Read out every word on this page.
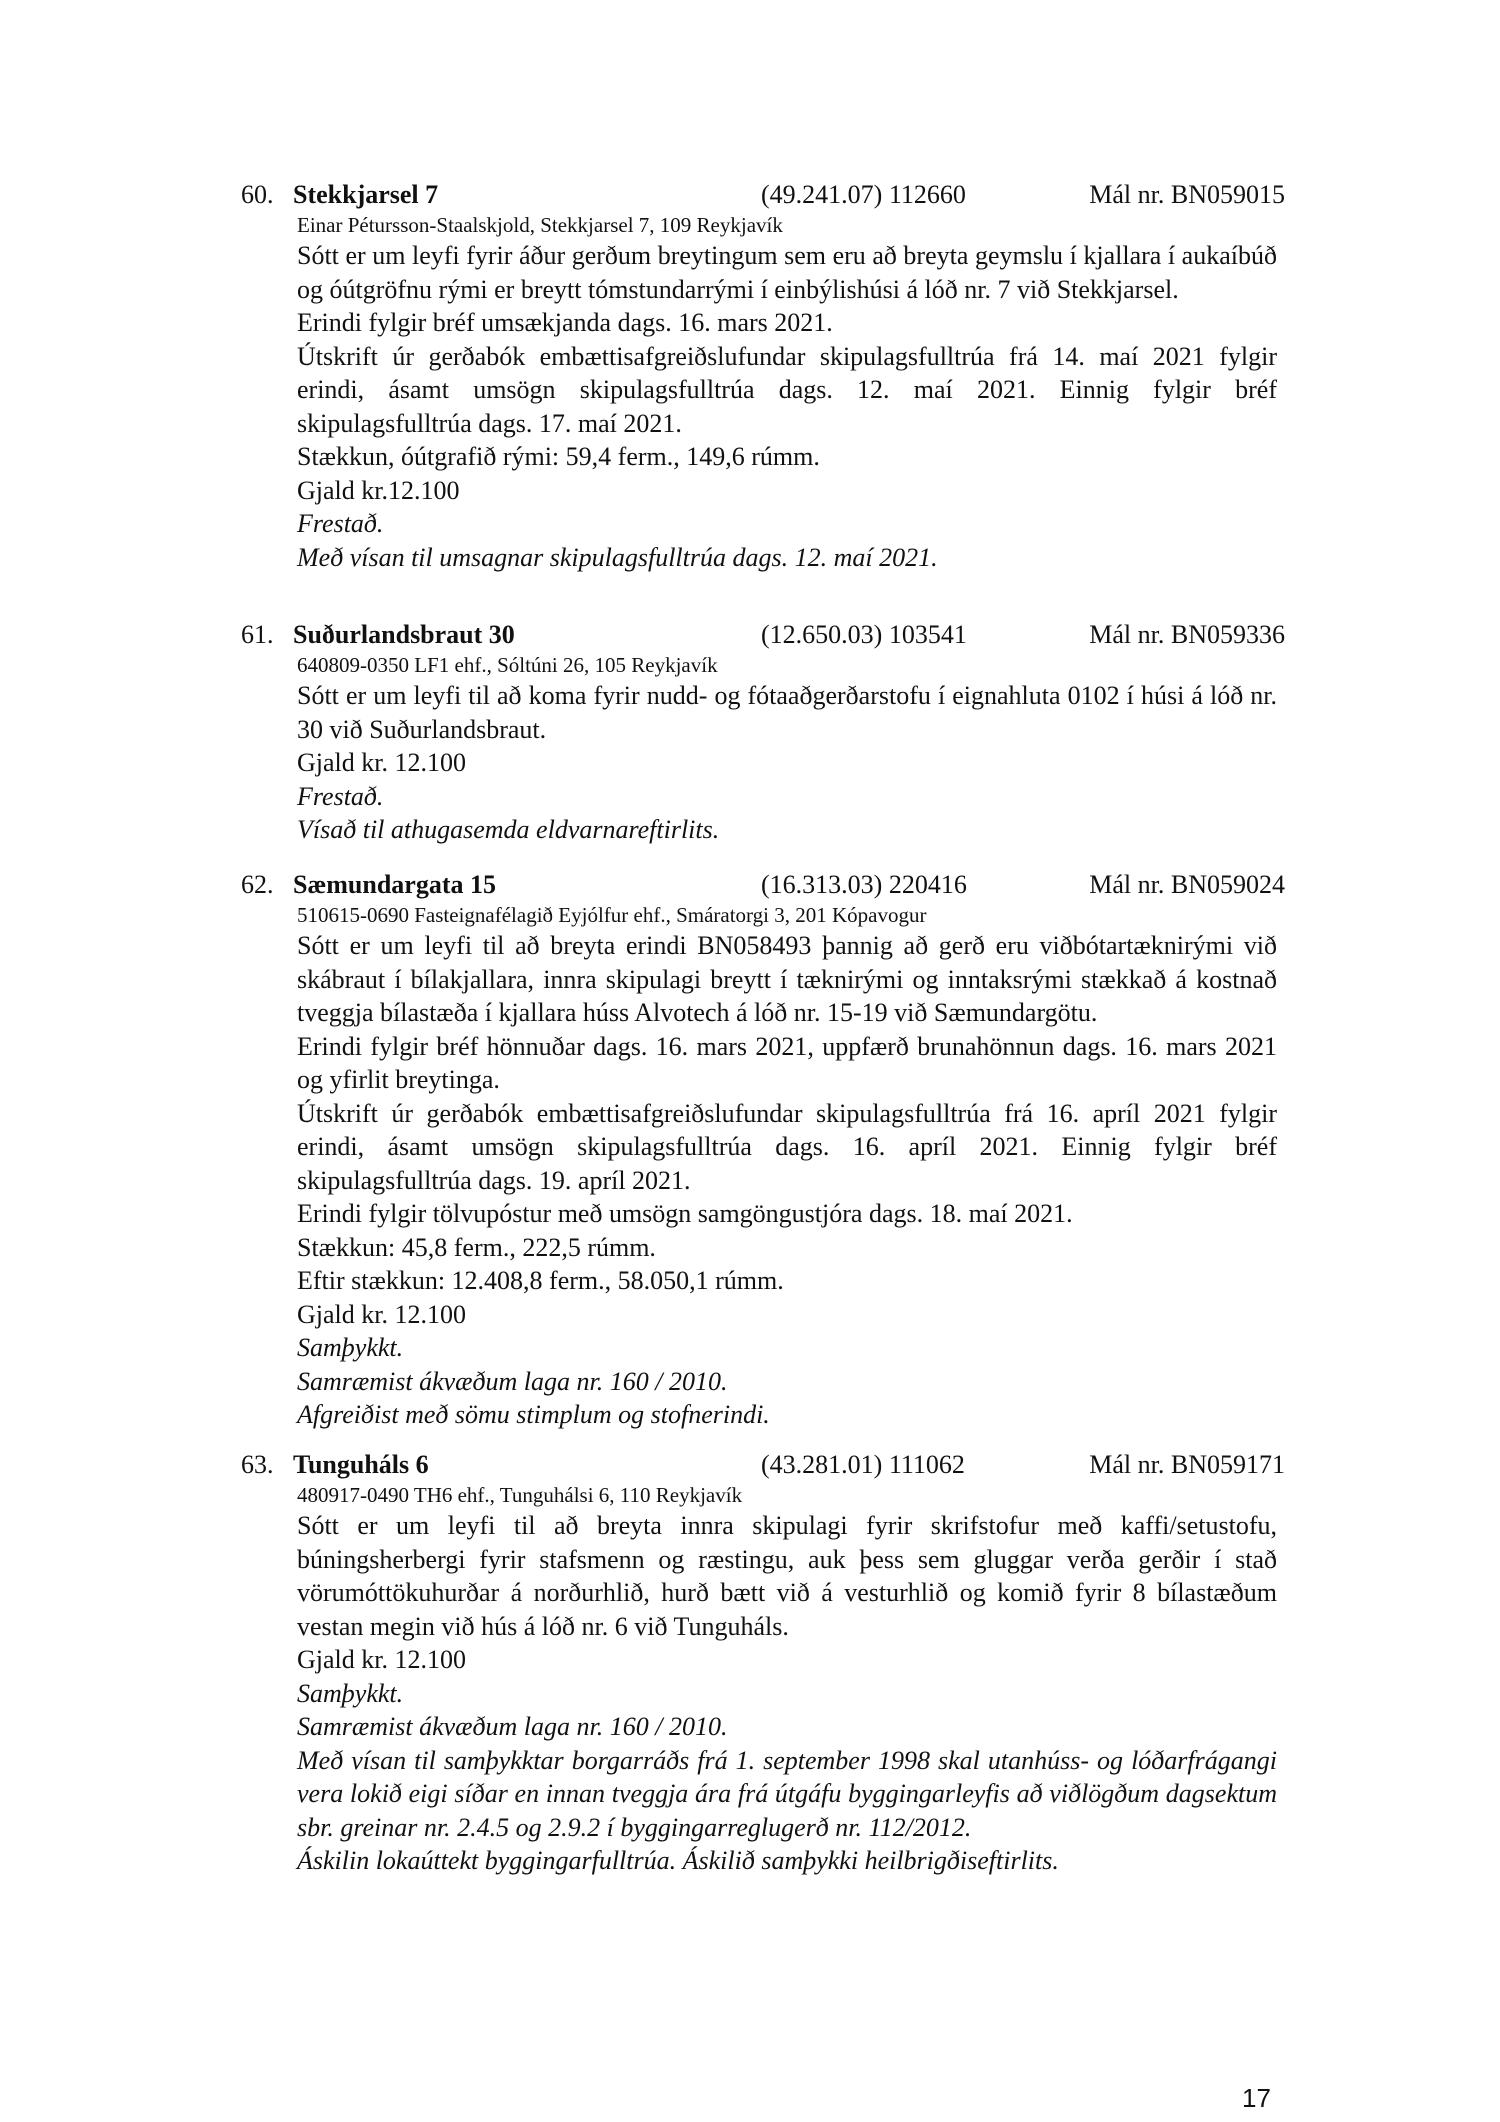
60. Stekkjarsel 7	(49.241.07) 112660	Mál nr. BN059015
Einar Pétursson-Staalskjold, Stekkjarsel 7, 109 Reykjavík
Sótt er um leyfi fyrir áður gerðum breytingum sem eru að breyta geymslu í kjallara í aukaíbúð og óútgröfnu rými er breytt tómstundarrými í einbýlishúsi á lóð nr. 7 við Stekkjarsel.
Erindi fylgir bréf umsækjanda dags. 16. mars 2021.
Útskrift úr gerðabók embættisafgreiðslufundar skipulagsfulltrúa frá 14. maí 2021 fylgir erindi, ásamt umsögn skipulagsfulltrúa dags. 12. maí 2021. Einnig fylgir bréf skipulagsfulltrúa dags. 17. maí 2021.
Stækkun, óútgrafið rými: 59,4 ferm., 149,6 rúmm.
Gjald kr.12.100
Frestað.
Með vísan til umsagnar skipulagsfulltrúa dags. 12. maí 2021.
61. Suðurlandsbraut 30	(12.650.03) 103541	Mál nr. BN059336
640809-0350 LF1 ehf., Sóltúni 26, 105 Reykjavík
Sótt er um leyfi til að koma fyrir nudd- og fótaaðgerðarstofu í eignahluta 0102 í húsi á lóð nr. 30 við Suðurlandsbraut.
Gjald kr. 12.100
Frestað.
Vísað til athugasemda eldvarnareftirlits.
62. Sæmundargata 15	(16.313.03) 220416	Mál nr. BN059024
510615-0690 Fasteignafélagið Eyjólfur ehf., Smáratorgi 3, 201 Kópavogur
Sótt er um leyfi til að breyta erindi BN058493 þannig að gerð eru viðbótartæknirými við skábraut í bílakjallara, innra skipulagi breytt í tæknirými og inntaksrými stækkað á kostnað tveggja bílastæða í kjallara húss Alvotech á lóð nr. 15-19 við Sæmundargötu.
Erindi fylgir bréf hönnuðar dags. 16. mars 2021, uppfærð brunahönnun dags. 16. mars 2021 og yfirlit breytinga.
Útskrift úr gerðabók embættisafgreiðslufundar skipulagsfulltrúa frá 16. apríl 2021 fylgir erindi, ásamt umsögn skipulagsfulltrúa dags. 16. apríl 2021. Einnig fylgir bréf skipulagsfulltrúa dags. 19. apríl 2021.
Erindi fylgir tölvupóstur með umsögn samgöngustjóra dags. 18. maí 2021.
Stækkun: 45,8 ferm., 222,5 rúmm.
Eftir stækkun: 12.408,8 ferm., 58.050,1 rúmm.
Gjald kr. 12.100
Samþykkt.
Samræmist ákvæðum laga nr. 160 / 2010.
Afgreiðist með sömu stimplum og stofnerindi.
63. Tunguháls 6	(43.281.01) 111062	Mál nr. BN059171
480917-0490 TH6 ehf., Tunguhálsi 6, 110 Reykjavík
Sótt er um leyfi til að breyta innra skipulagi fyrir skrifstofur með kaffi/setustofu, búningsherbergi fyrir stafsmenn og ræstingu, auk þess sem gluggar verða gerðir í stað vörumóttökuhurðar á norðurhlið, hurð bætt við á vesturhlið og komið fyrir 8 bílastæðum vestan megin við hús á lóð nr. 6 við Tunguháls.
Gjald kr. 12.100
Samþykkt.
Samræmist ákvæðum laga nr. 160 / 2010.
Með vísan til samþykktar borgarráðs frá 1. september 1998 skal utanhúss- og lóðarfrágangi vera lokið eigi síðar en innan tveggja ára frá útgáfu byggingarleyfis að viðlögðum dagsektum sbr. greinar nr. 2.4.5 og 2.9.2 í byggingarreglugerð nr. 112/2012.
Áskilin lokaúttekt byggingarfulltrúa. Áskilið samþykki heilbrigðiseftirlits.
17
